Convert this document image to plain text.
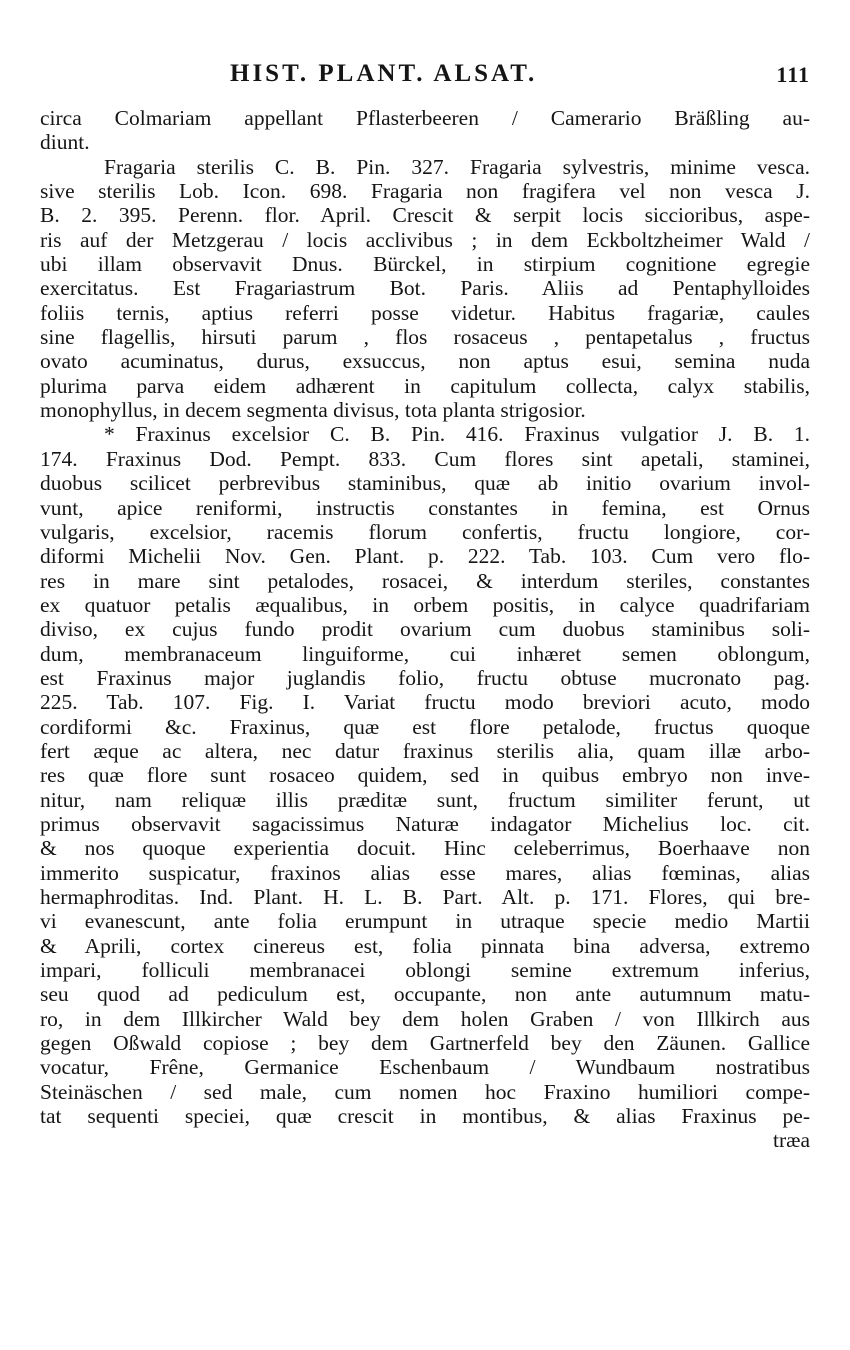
HIST. PLANT. ALSAT.	111
circa Colmariam appellant Pflasterbeeren / Camerario Bräßling au-
diunt.
Fragaria sterilis C. B. Pin. 327. Fragaria sylvestris, minime vesca.
sive sterilis Lob. Icon. 698. Fragaria non fragifera vel non vesca J.
B. 2. 395. Perenn. flor. April. Crescit & serpit locis siccioribus, aspe-
ris auf der Metzgerau / locis acclivibus ; in dem Eckboltzheimer Wald /
ubi illam observavit Dnus. Bürckel, in stirpium cognitione egregie
exercitatus. Est Fragariastrum Bot. Paris. Aliis ad Pentaphylloides
foliis ternis, aptius referri posse videtur. Habitus fragariæ, caules
sine flagellis, hirsuti parum , flos rosaceus , pentapetalus , fructus
ovato acuminatus, durus, exsuccus, non aptus esui, semina nuda
plurima parva eidem adhærent in capitulum collecta, calyx stabilis,
monophyllus, in decem segmenta divisus, tota planta strigosior.
* Fraxinus excelsior C. B. Pin. 416. Fraxinus vulgatior J. B. 1.
174. Fraxinus Dod. Pempt. 833. Cum flores sint apetali, staminei,
duobus scilicet perbrevibus staminibus, quæ ab initio ovarium invol-
vunt, apice reniformi, instructis constantes in femina, est Ornus
vulgaris, excelsior, racemis florum confertis, fructu longiore, cor-
diformi Michelii Nov. Gen. Plant. p. 222. Tab. 103. Cum vero flo-
res in mare sint petalodes, rosacei, & interdum steriles, constantes
ex quatuor petalis æqualibus, in orbem positis, in calyce quadrifariam
diviso, ex cujus fundo prodit ovarium cum duobus staminibus soli-
dum, membranaceum linguiforme, cui inhæret semen oblongum,
est Fraxinus major juglandis folio, fructu obtuse mucronato pag.
225. Tab. 107. Fig. I. Variat fructu modo breviori acuto, modo
cordiformi &c. Fraxinus, quæ est flore petalode, fructus quoque
fert æque ac altera, nec datur fraxinus sterilis alia, quam illæ arbo-
res quæ flore sunt rosaceo quidem, sed in quibus embryo non inve-
nitur, nam reliquæ illis præditæ sunt, fructum similiter ferunt, ut
primus observavit sagacissimus Naturæ indagator Michelius loc. cit.
& nos quoque experientia docuit. Hinc celeberrimus, Boerhaave non
immerito suspicatur, fraxinos alias esse mares, alias fœminas, alias
hermaphroditas. Ind. Plant. H. L. B. Part. Alt. p. 171. Flores, qui bre-
vi evanescunt, ante folia erumpunt in utraque specie medio Martii
& Aprili, cortex cinereus est, folia pinnata bina adversa, extremo
impari, folliculi membranacei oblongi semine extremum inferius,
seu quod ad pediculum est, occupante, non ante autumnum matu-
ro, in dem Illkircher Wald bey dem holen Graben / von Illkirch aus
gegen Oßwald copiose ; bey dem Gartnerfeld bey den Zäunen. Gallice
vocatur, Frêne, Germanice Eschenbaum / Wundbaum nostratibus
Steinäschen / sed male, cum nomen hoc Fraxino humiliori compe-
tat sequenti speciei, quæ crescit in montibus, & alias Fraxinus pe-
træa
